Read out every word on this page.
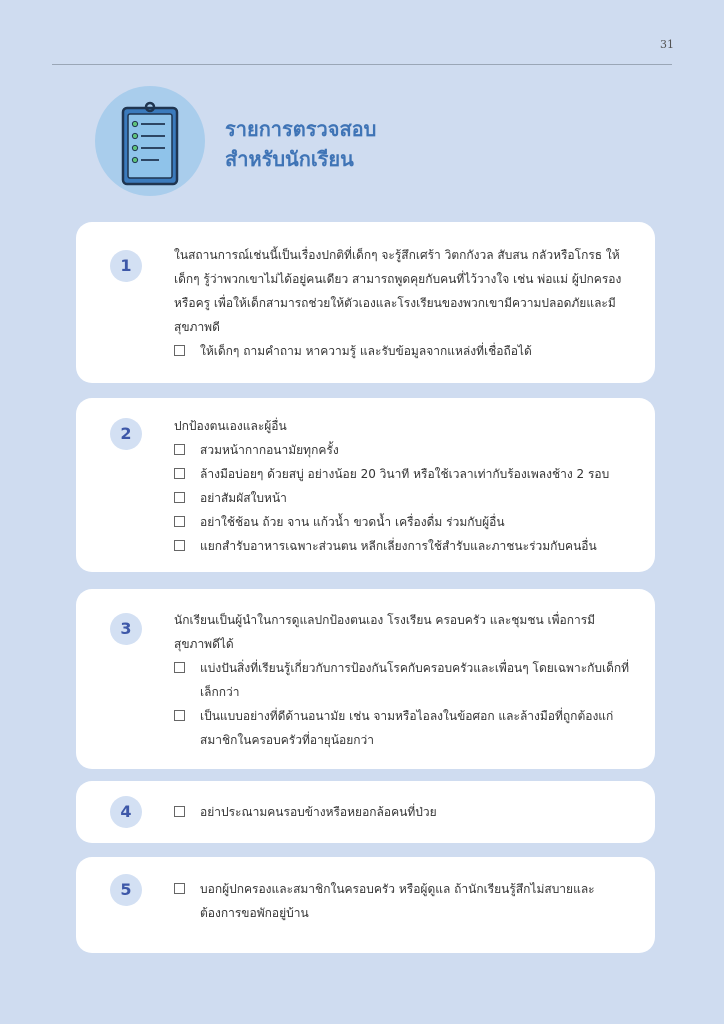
31
รายการตรวจสอบ
สำหรับนักเรียน
1

ในสถานการณ์เช่นนี้เป็นเรื่องปกติที่เด็กๆ จะรู้สึกเศร้า วิตกกังวล สับสน กลัวหรือโกรธ ให้เด็กๆ รู้ว่าพวกเขาไม่ได้อยู่คนเดียว สามารถพูดคุยกับคนที่ไว้วางใจ เช่น พ่อแม่ ผู้ปกครอง หรือครู เพื่อให้เด็กสามารถช่วยให้ตัวเองและโรงเรียนของพวกเขามีความปลอดภัยและมีสุขภาพดี

ให้เด็กๆ ถามคำถาม หาความรู้ และรับข้อมูลจากแหล่งที่เชื่อถือได้
2	ปกป้องตนเองและผู้อื่น

สวมหน้ากากอนามัยทุกครั้ง
ล้างมือบ่อยๆ ด้วยสบู่ อย่างน้อย 20 วินาที หรือใช้เวลาเท่ากับร้องเพลงช้าง 2 รอบ
อย่าสัมผัสใบหน้า
อย่าใช้ช้อน ถ้วย จาน แก้วน้ำ ขวดน้ำ เครื่องดื่ม ร่วมกับผู้อื่น
แยกสำรับอาหารเฉพาะส่วนตน หลีกเลี่ยงการใช้สำรับและภาชนะร่วมกับคนอื่น
3	นักเรียนเป็นผู้นำในการดูแลปกป้องตนเอง โรงเรียน ครอบครัว และชุมชน เพื่อการมีสุขภาพดีได้

แบ่งปันสิ่งที่เรียนรู้เกี่ยวกับการป้องกันโรคกับครอบครัวและเพื่อนๆ โดยเฉพาะกับเด็กที่เล็กกว่า
เป็นแบบอย่างที่ดีด้านอนามัย เช่น จามหรือไอลงในข้อศอก และล้างมือที่ถูกต้องแก่สมาชิกในครอบครัวที่อายุน้อยกว่า
4	อย่าประณามคนรอบข้างหรือหยอกล้อคนที่ป่วย
5	บอกผู้ปกครองและสมาชิกในครอบครัว หรือผู้ดูแล ถ้านักเรียนรู้สึกไม่สบายและต้องการขอพักอยู่บ้าน
